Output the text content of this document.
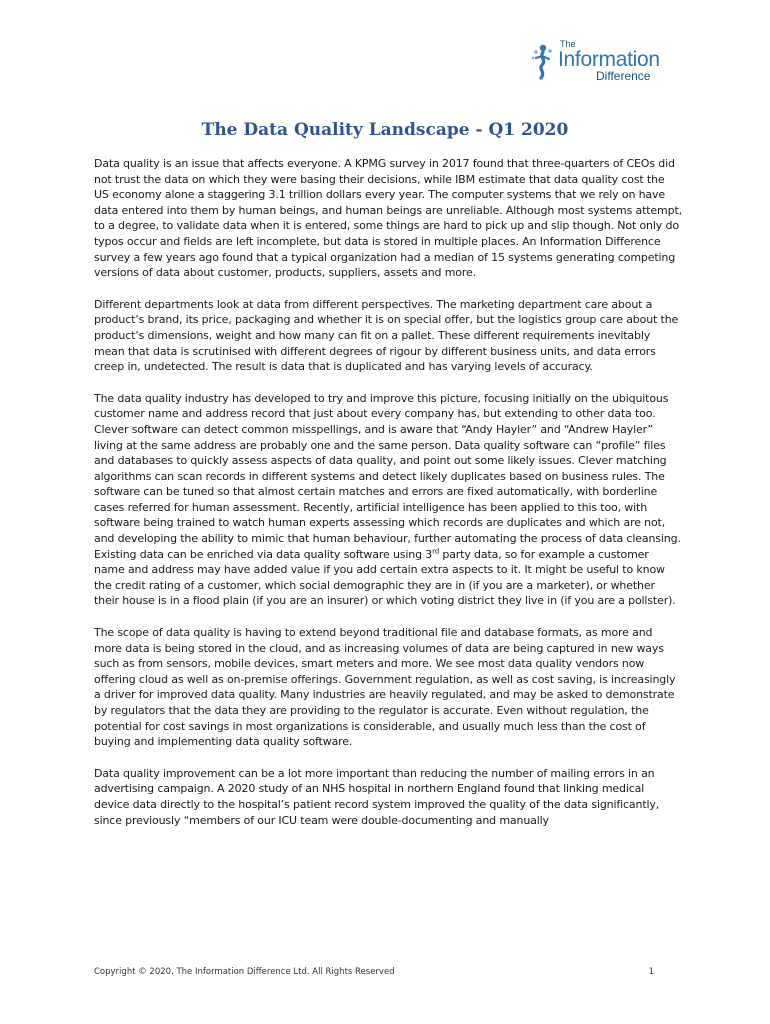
The
Information
Difference
The Data Quality Landscape - Q1 2020

Data quality is an issue that affects everyone. A KPMG survey in 2017 found that three-quarters of CEOs did not trust the data on which they were basing their decisions, while IBM estimate that data quality cost the US economy alone a staggering 3.1 trillion dollars every year. The computer systems that we rely on have data entered into them by human beings, and human beings are unreliable. Although most systems attempt, to a degree, to validate data when it is entered, some things are hard to pick up and slip though. Not only do typos occur and fields are left incomplete, but data is stored in multiple places. An Information Difference survey a few years ago found that a typical organization had a median of 15 systems generating competing versions of data about customer, products, suppliers, assets and more.

Different departments look at data from different perspectives. The marketing department care about a product’s brand, its price, packaging and whether it is on special offer, but the logistics group care about the product’s dimensions, weight and how many can fit on a pallet. These different requirements inevitably mean that data is scrutinised with different degrees of rigour by different business units, and data errors creep in, undetected. The result is data that is duplicated and has varying levels of accuracy.

The data quality industry has developed to try and improve this picture, focusing initially on the ubiquitous customer name and address record that just about every company has, but extending to other data too. Clever software can detect common misspellings, and is aware that “Andy Hayler” and “Andrew Hayler” living at the same address are probably one and the same person. Data quality software can “profile” files and databases to quickly assess aspects of data quality, and point out some likely issues. Clever matching algorithms can scan records in different systems and detect likely duplicates based on business rules. The software can be tuned so that almost certain matches and errors are fixed automatically, with borderline cases referred for human assessment. Recently, artificial intelligence has been applied to this too, with software being trained to watch human experts assessing which records are duplicates and which are not, and developing the ability to mimic that human behaviour, further automating the process of data cleansing. Existing data can be enriched via data quality software using 3rd party data, so for example a customer name and address may have added value if you add certain extra aspects to it. It might be useful to know the credit rating of a customer, which social demographic they are in (if you are a marketer), or whether their house is in a flood plain (if you are an insurer) or which voting district they live in (if you are a pollster).

The scope of data quality is having to extend beyond traditional file and database formats, as more and more data is being stored in the cloud, and as increasing volumes of data are being captured in new ways such as from sensors, mobile devices, smart meters and more. We see most data quality vendors now offering cloud as well as on-premise offerings. Government regulation, as well as cost saving, is increasingly a driver for improved data quality. Many industries are heavily regulated, and may be asked to demonstrate by regulators that the data they are providing to the regulator is accurate. Even without regulation, the potential for cost savings in most organizations is considerable, and usually much less than the cost of buying and implementing data quality software.

Data quality improvement can be a lot more important than reducing the number of mailing errors in an advertising campaign. A 2020 study of an NHS hospital in northern England found that linking medical device data directly to the hospital’s patient record system improved the quality of the data significantly, since previously “members of our ICU team were double-documenting and manually

Copyright © 2020. The Information Difference Ltd. All Rights Reserved	1
